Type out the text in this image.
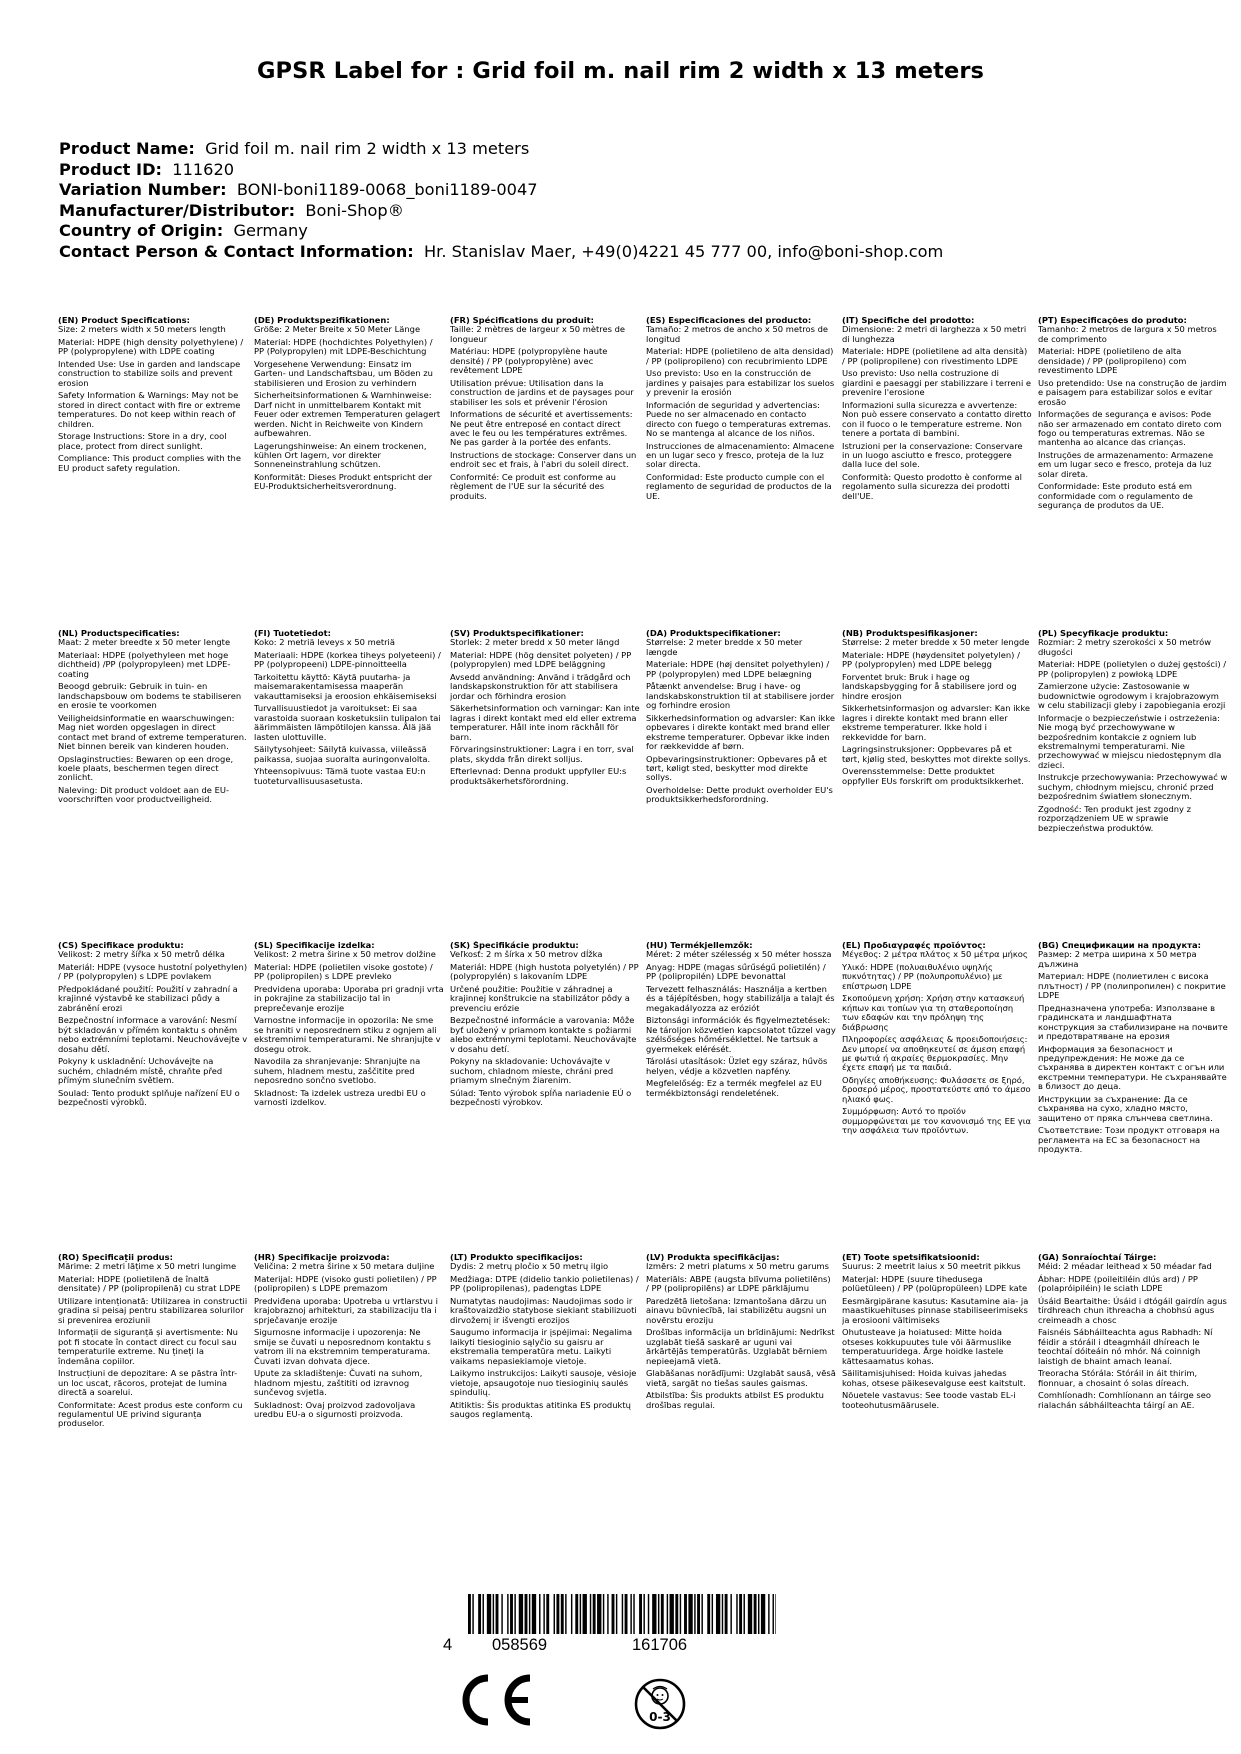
GPSR Label for : Grid foil m. nail rim 2 width x 13 meters
Product Name: Grid foil m. nail rim 2 width x 13 meters
Product ID: 111620
Variation Number: BONI-boni1189-0068_boni1189-0047
Manufacturer/Distributor: Boni-Shop®
Country of Origin: Germany
Contact Person & Contact Information: Hr. Stanislav Maer, +49(0)4221 45 777 00, info@boni-shop.com
(EN) Product Specifications:

Size: 2 meters width x 50 meters length

Material: HDPE (high density polyethylene) / PP (polypropylene) with LDPE coating

Intended Use: Use in garden and landscape construction to stabilize soils and prevent erosion

Safety Information & Warnings: May not be stored in direct contact with fire or extreme temperatures. Do not keep within reach of children.

Storage Instructions: Store in a dry, cool place, protect from direct sunlight.

Compliance: This product complies with the EU product safety regulation.

(DE) Produktspezifikationen:

Größe: 2 Meter Breite x 50 Meter Länge

Material: HDPE (hochdichtes Polyethylen) / PP (Polypropylen) mit LDPE-Beschichtung

Vorgesehene Verwendung: Einsatz im Garten- und Landschaftsbau, um Böden zu stabilisieren und Erosion zu verhindern

Sicherheitsinformationen & Warnhinweise: Darf nicht in unmittelbarem Kontakt mit Feuer oder extremen Temperaturen gelagert werden. Nicht in Reichweite von Kindern aufbewahren.

Lagerungshinweise: An einem trockenen, kühlen Ort lagern, vor direkter Sonneneinstrahlung schützen.

Konformität: Dieses Produkt entspricht der EU-Produktsicherheitsverordnung.

(FR) Spécifications du produit:

Taille: 2 mètres de largeur x 50 mètres de longueur

Matériau: HDPE (polypropylène haute densité) / PP (polypropylène) avec revêtement LDPE

Utilisation prévue: Utilisation dans la construction de jardins et de paysages pour stabiliser les sols et prévenir l'érosion

Informations de sécurité et avertissements: Ne peut être entreposé en contact direct avec le feu ou les températures extrêmes. Ne pas garder à la portée des enfants.

Instructions de stockage: Conserver dans un endroit sec et frais, à l'abri du soleil direct.

Conformité: Ce produit est conforme au règlement de l'UE sur la sécurité des produits.

(ES) Especificaciones del producto:

Tamaño: 2 metros de ancho x 50 metros de longitud

Material: HDPE (polietileno de alta densidad) / PP (polipropileno) con recubrimiento LDPE

Uso previsto: Uso en la construcción de jardines y paisajes para estabilizar los suelos y prevenir la erosión

Información de seguridad y advertencias: Puede no ser almacenado en contacto directo con fuego o temperaturas extremas. No se mantenga al alcance de los niños.

Instrucciones de almacenamiento: Almacene en un lugar seco y fresco, proteja de la luz solar directa.

Conformidad: Este producto cumple con el reglamento de seguridad de productos de la UE.

(IT) Specifiche del prodotto:

Dimensione: 2 metri di larghezza x 50 metri di lunghezza

Materiale: HDPE (polietilene ad alta densità) / PP (polipropilene) con rivestimento LDPE

Uso previsto: Uso nella costruzione di giardini e paesaggi per stabilizzare i terreni e prevenire l'erosione

Informazioni sulla sicurezza e avvertenze: Non può essere conservato a contatto diretto con il fuoco o le temperature estreme. Non tenere a portata di bambini.

Istruzioni per la conservazione: Conservare in un luogo asciutto e fresco, proteggere dalla luce del sole.

Conformità: Questo prodotto è conforme al regolamento sulla sicurezza dei prodotti dell'UE.

(PT) Especificações do produto:

Tamanho: 2 metros de largura x 50 metros de comprimento

Material: HDPE (polietileno de alta densidade) / PP (polipropileno) com revestimento LDPE

Uso pretendido: Use na construção de jardim e paisagem para estabilizar solos e evitar erosão

Informações de segurança e avisos: Pode não ser armazenado em contato direto com fogo ou temperaturas extremas. Não se mantenha ao alcance das crianças.

Instruções de armazenamento: Armazene em um lugar seco e fresco, proteja da luz solar direta.

Conformidade: Este produto está em conformidade com o regulamento de segurança de produtos da UE.

(NL) Productspecificaties:

Maat: 2 meter breedte x 50 meter lengte

Materiaal: HDPE (polyethyleen met hoge dichtheid) /PP (polypropyleen) met LDPE-coating

Beoogd gebruik: Gebruik in tuin- en landschapsbouw om bodems te stabiliseren en erosie te voorkomen

Veiligheidsinformatie en waarschuwingen: Mag niet worden opgeslagen in direct contact met brand of extreme temperaturen. Niet binnen bereik van kinderen houden.

Opslaginstructies: Bewaren op een droge, koele plaats, beschermen tegen direct zonlicht.

Naleving: Dit product voldoet aan de EU-voorschriften voor productveiligheid.

(FI) Tuotetiedot:

Koko: 2 metriä leveys x 50 metriä

Materiaali: HDPE (korkea tiheys polyeteeni) / PP (polypropeeni) LDPE-pinnoitteella

Tarkoitettu käyttö: Käytä puutarha- ja maisemarakentamisessa maaperän vakauttamiseksi ja eroosion ehkäisemiseksi

Turvallisuustiedot ja varoitukset: Ei saa varastoida suoraan kosketuksiin tulipalon tai äärimmäisten lämpötilojen kanssa. Älä jää lasten ulottuville.

Säilytysohjeet: Säilytä kuivassa, viileässä paikassa, suojaa suoralta auringonvalolta.

Yhteensopivuus: Tämä tuote vastaa EU:n tuoteturvallisuusasetusta.

(SV) Produktspecifikationer:

Storlek: 2 meter bredd x 50 meter längd

Material: HDPE (hög densitet polyeten) / PP (polypropylen) med LDPE beläggning

Avsedd användning: Använd i trädgård och landskapskonstruktion för att stabilisera jordar och förhindra erosion

Säkerhetsinformation och varningar: Kan inte lagras i direkt kontakt med eld eller extrema temperaturer. Håll inte inom räckhåll för barn.

Förvaringsinstruktioner: Lagra i en torr, sval plats, skydda från direkt solljus.

Efterlevnad: Denna produkt uppfyller EU:s produktsäkerhetsförordning.

(DA) Produktspecifikationer:

Størrelse: 2 meter bredde x 50 meter længde

Materiale: HDPE (høj densitet polyethylen) / PP (polypropylen) med LDPE belægning

Påtænkt anvendelse: Brug i have- og landskabskonstruktion til at stabilisere jorder og forhindre erosion

Sikkerhedsinformation og advarsler: Kan ikke opbevares i direkte kontakt med brand eller ekstreme temperaturer. Opbevar ikke inden for rækkevidde af børn.

Opbevaringsinstruktioner: Opbevares på et tørt, køligt sted, beskytter mod direkte sollys.

Overholdelse: Dette produkt overholder EU's produktsikkerhedsforordning.

(NB) Produktspesifikasjoner:

Størrelse: 2 meter bredde x 50 meter lengde

Materiale: HDPE (høydensitet polyetylen) / PP (polypropylen) med LDPE belegg

Forventet bruk: Bruk i hage og landskapsbygging for å stabilisere jord og hindre erosjon

Sikkerhetsinformasjon og advarsler: Kan ikke lagres i direkte kontakt med brann eller ekstreme temperaturer. Ikke hold i rekkevidde for barn.

Lagringsinstruksjoner: Oppbevares på et tørt, kjølig sted, beskyttes mot direkte sollys.

Overensstemmelse: Dette produktet oppfyller EUs forskrift om produktsikkerhet.

(PL) Specyfikacje produktu:

Rozmiar: 2 metry szerokości x 50 metrów długości

Materiał: HDPE (polietylen o dużej gęstości) / PP (polipropylen) z powłoką LDPE

Zamierzone użycie: Zastosowanie w budownictwie ogrodowym i krajobrazowym w celu stabilizacji gleby i zapobiegania erozji

Informacje o bezpieczeństwie i ostrzeżenia: Nie mogą być przechowywane w bezpośrednim kontakcie z ogniem lub ekstremalnymi temperaturami. Nie przechowywać w miejscu niedostępnym dla dzieci.

Instrukcje przechowywania: Przechowywać w suchym, chłodnym miejscu, chronić przed bezpośrednim światłem słonecznym.

Zgodność: Ten produkt jest zgodny z rozporządzeniem UE w sprawie bezpieczeństwa produktów.

(CS) Specifikace produktu:

Velikost: 2 metry šířka x 50 metrů délka

Materiál: HDPE (vysoce hustotní polyethylen) / PP (polypropylen) s LDPE povlakem

Předpokládané použití: Použití v zahradní a krajinné výstavbě ke stabilizaci půdy a zabránění erozi

Bezpečnostní informace a varování: Nesmí být skladován v přímém kontaktu s ohněm nebo extrémními teplotami. Neuchovávejte v dosahu dětí.

Pokyny k uskladnění: Uchovávejte na suchém, chladném místě, chraňte před přímým slunečním světlem.

Soulad: Tento produkt splňuje nařízení EU o bezpečnosti výrobků.

(SL) Specifikacije izdelka:

Velikost: 2 metra širine x 50 metrov dolžine

Material: HDPE (polietilen visoke gostote) / PP (polipropilen) s LDPE prevleko

Predvidena uporaba: Uporaba pri gradnji vrta in pokrajine za stabilizacijo tal in preprečevanje erozije

Varnostne informacije in opozorila: Ne sme se hraniti v neposrednem stiku z ognjem ali ekstremnimi temperaturami. Ne shranjujte v dosegu otrok.

Navodila za shranjevanje: Shranjujte na suhem, hladnem mestu, zaščitite pred neposredno sončno svetlobo.

Skladnost: Ta izdelek ustreza uredbi EU o varnosti izdelkov.

(SK) Špecifikácie produktu:

Veľkosť: 2 m šírka x 50 metrov dĺžka

Materiál: HDPE (high hustota polyetylén) / PP (polypropylén) s lakovaním LDPE

Určené použitie: Použitie v záhradnej a krajinnej konštrukcie na stabilizátor pôdy a prevenciu erózie

Bezpečnostné informácie a varovania: Môže byť uložený v priamom kontakte s požiarmi alebo extrémnymi teplotami. Neuchovávajte v dosahu detí.

Pokyny na skladovanie: Uchovávajte v suchom, chladnom mieste, chráni pred priamym slnečným žiarenim.

Súlad: Tento výrobok spĺňa nariadenie EÚ o bezpečnosti výrobkov.

(HU) Termékjellemzők:

Méret: 2 méter szélesség x 50 méter hossza

Anyag: HDPE (magas sűrűségű polietilén) / PP (polipropilén) LDPE bevonattal

Tervezett felhasználás: Használja a kertben és a tájépítésben, hogy stabilizálja a talajt és megakadályozza az eróziót

Biztonsági információk és figyelmeztetések: Ne tároljon közvetlen kapcsolatot tűzzel vagy szélsőséges hőmérséklettel. Ne tartsuk a gyermekek elérését.

Tárolási utasítások: Üzlet egy száraz, hűvös helyen, védje a közvetlen napfény.

Megfelelőség: Ez a termék megfelel az EU termékbiztonsági rendeletének.

(EL) Προδιαγραφές προϊόντος:

Μέγεθος: 2 μέτρα πλάτος x 50 μέτρα μήκος

Υλικό: HDPE (πολυαιθυλένιο υψηλής πυκνότητας) / PP (πολυπροπυλένιο) με επίστρωση LDPE

Σκοπούμενη χρήση: Χρήση στην κατασκευή κήπων και τοπίων για τη σταθεροποίηση των εδαφών και την πρόληψη της διάβρωσης

Πληροφορίες ασφάλειας & προειδοποιήσεις: Δεν μπορεί να αποθηκευτεί σε άμεση επαφή με φωτιά ή ακραίες θερμοκρασίες. Μην έχετε επαφή με τα παιδιά.

Οδηγίες αποθήκευσης: Φυλάσσετε σε ξηρό, δροσερό μέρος, προστατεύστε από το άμεσο ηλιακό φως.

Συμμόρφωση: Αυτό το προϊόν συμμορφώνεται με τον κανονισμό της ΕΕ για την ασφάλεια των προϊόντων.

(BG) Спецификации на продукта:

Размер: 2 метра ширина x 50 метра дължина

Материал: HDPE (полиетилен с висока плътност) / PP (полипропилен) с покритие LDPE

Предназначена употреба: Използване в градинската и ландшафтната конструкция за стабилизиране на почвите и предотвратяване на ерозия

Информация за безопасност и предупреждения: Не може да се съхранява в директен контакт с огън или екстремни температури. Не съхранявайте в близост до деца.

Инструкции за съхранение: Да се съхранява на сухо, хладно място, защитено от пряка слънчева светлина.

Съответствие: Този продукт отговаря на регламента на ЕС за безопасност на продукта.

(RO) Specificații produs:

Mărime: 2 metri lățime x 50 metri lungime

Material: HDPE (polietilenă de înaltă densitate) / PP (polipropilenă) cu strat LDPE

Utilizare intenționată: Utilizarea in constructii gradina si peisaj pentru stabilizarea solurilor si prevenirea eroziunii

Informații de siguranță și avertismente: Nu pot fi stocate în contact direct cu focul sau temperaturile extreme. Nu țineți la îndemâna copiilor.

Instrucțiuni de depozitare: A se păstra într- un loc uscat, răcoros, protejat de lumina directă a soarelui.

Conformitate: Acest produs este conform cu regulamentul UE privind siguranța produselor.

(HR) Specifikacije proizvoda:

Veličina: 2 metra širine x 50 metara duljine

Materijal: HDPE (visoko gusti polietilen) / PP (polipropilen) s LDPE premazom

Predviđena uporaba: Upotreba u vrtlarstvu i krajobraznoj arhitekturi, za stabilizaciju tla i sprječavanje erozije

Sigurnosne informacije i upozorenja: Ne smije se čuvati u neposrednom kontaktu s vatrom ili na ekstremnim temperaturama. Čuvati izvan dohvata djece.

Upute za skladištenje: Čuvati na suhom, hladnom mjestu, zaštititi od izravnog sunčevog svjetla.

Sukladnost: Ovaj proizvod zadovoljava uredbu EU-a o sigurnosti proizvoda.

(LT) Produkto specifikacijos:

Dydis: 2 metrų pločio x 50 metrų ilgio

Medžiaga: DTPE (didelio tankio polietilenas) / PP (polipropilenas), padengtas LDPE

Numatytas naudojimas: Naudojimas sodo ir kraštovaizdžio statybose siekiant stabilizuoti dirvožemį ir išvengti erozijos

Saugumo informacija ir įspėjimai: Negalima laikyti tiesioginio sąlyčio su gaisru ar ekstremalia temperatūra metu. Laikyti vaikams nepasiekiamoje vietoje.

Laikymo instrukcijos: Laikyti sausoje, vėsioje vietoje, apsaugotoje nuo tiesioginių saulės spindulių.

Atitiktis: Šis produktas atitinka ES produktų saugos reglamentą.

(LV) Produkta specifikācijas:

Izmērs: 2 metri platums x 50 metru garums

Materiāls: ABPE (augsta blīvuma polietilēns) / PP (polipropilēns) ar LDPE pārklājumu

Paredzētā lietošana: Izmantošana dārzu un ainavu būvniecībā, lai stabilizētu augsni un novērstu eroziju

Drošības informācija un brīdinājumi: Nedrīkst uzglabāt tiešā saskarē ar uguni vai ārkārtējās temperatūrās. Uzglabāt bērniem nepieejamā vietā.

Glabāšanas norādījumi: Uzglabāt sausā, vēsā vietā, sargāt no tiešas saules gaismas.

Atbilstība: Šis produkts atbilst ES produktu drošības regulai.

(ET) Toote spetsifikatsioonid:

Suurus: 2 meetrit laius x 50 meetrit pikkus

Materjal: HDPE (suure tihedusega polüetüleen) / PP (polüpropüleen) LDPE kate

Eesmärgipärane kasutus: Kasutamine aia- ja maastikuehituses pinnase stabiliseerimiseks ja erosiooni vältimiseks

Ohutusteave ja hoiatused: Mitte hoida otseses kokkupuutes tule või äärmuslike temperatuuridega. Ärge hoidke lastele kättesaamatus kohas.

Säilitamisjuhised: Hoida kuivas jahedas kohas, otsese päikesevalguse eest kaitstult.

Nõuetele vastavus: See toode vastab EL-i tooteohutusmäärusele.

(GA) Sonraíochtaí Táirge:

Méid: 2 méadar leithead x 50 méadar fad

Ábhar: HDPE (poileitiléin dlús ard) / PP (polapróipiléin) le sciath LDPE

Úsáid Beartaithe: Úsáid i dtógáil gairdín agus tírdhreach chun ithreacha a chobhsú agus creimeadh a chosc

Faisnéis Sábháilteachta agus Rabhadh: Ní féidir a stóráil i dteagmháil dhíreach le teochtaí dóiteáin nó mhór. Ná coinnigh laistigh de bhaint amach leanaí.

Treoracha Stórála: Stóráil in áit thirim, fionnuar, a chosaint ó solas díreach.

Comhlíonadh: Comhlíonann an táirge seo rialachán sábháilteachta táirgí an AE.

4 058569	161706
0-3
